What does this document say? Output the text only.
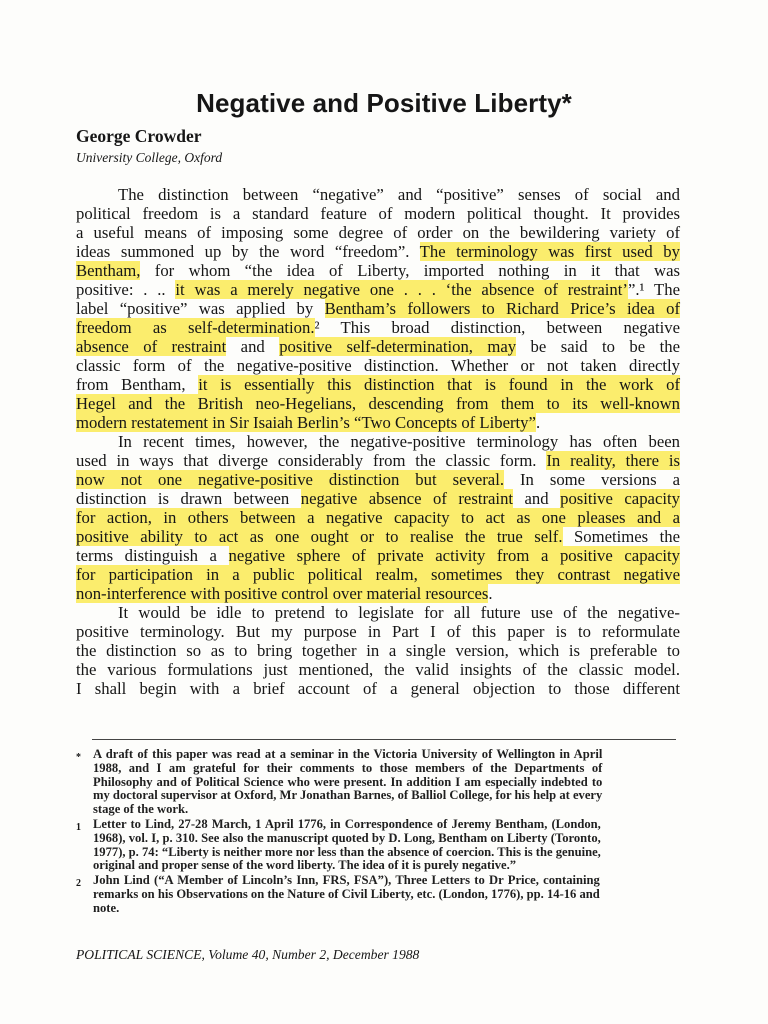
Negative and Positive Liberty*

George Crowder

University College, Oxford

The distinction between “negative” and “positive” senses of social and
political freedom is a standard feature of modern political thought. It provides
a useful means of imposing some degree of order on the bewildering variety of
ideas summoned up by the word “freedom”. The terminology was first used by
Bentham, for whom “the idea of Liberty, imported nothing in it that was
positive: . .. it was a merely negative one . . . ‘the absence of restraint’”.¹ The
label “positive” was applied by Bentham’s followers to Richard Price’s idea of
freedom as self-determination.² This broad distinction, between negative
absence of restraint and positive self-determination, may be said to be the
classic form of the negative-positive distinction. Whether or not taken directly
from Bentham, it is essentially this distinction that is found in the work of
Hegel and the British neo-Hegelians, descending from them to its well-known
modern restatement in Sir Isaiah Berlin’s “Two Concepts of Liberty”.
In recent times, however, the negative-positive terminology has often been
used in ways that diverge considerably from the classic form. In reality, there is
now not one negative-positive distinction but several. In some versions a
distinction is drawn between negative absence of restraint and positive capacity
for action, in others between a negative capacity to act as one pleases and a
positive ability to act as one ought or to realise the true self. Sometimes the
terms distinguish a negative sphere of private activity from a positive capacity
for participation in a public political realm, sometimes they contrast negative
non-interference with positive control over material resources.
It would be idle to pretend to legislate for all future use of the negative-
positive terminology. But my purpose in Part I of this paper is to reformulate
the distinction so as to bring together in a single version, which is preferable to
the various formulations just mentioned, the valid insights of the classic model.
I shall begin with a brief account of a general objection to those different
* A draft of this paper was read at a seminar in the Victoria University of Wellington in April
1988, and I am grateful for their comments to those members of the Departments of
Philosophy and of Political Science who were present. In addition I am especially indebted to
my doctoral supervisor at Oxford, Mr Jonathan Barnes, of Balliol College, for his help at every
stage of the work.
1 Letter to Lind, 27-28 March, 1 April 1776, in Correspondence of Jeremy Bentham, (London,
1968), vol. I, p. 310. See also the manuscript quoted by D. Long, Bentham on Liberty (Toronto,
1977), p. 74: “Liberty is neither more nor less than the absence of coercion. This is the genuine,
original and proper sense of the word liberty. The idea of it is purely negative.”
2 John Lind (“A Member of Lincoln’s Inn, FRS, FSA”), Three Letters to Dr Price, containing
remarks on his Observations on the Nature of Civil Liberty, etc. (London, 1776), pp. 14-16 and
note.

POLITICAL SCIENCE, Volume 40, Number 2, December 1988
